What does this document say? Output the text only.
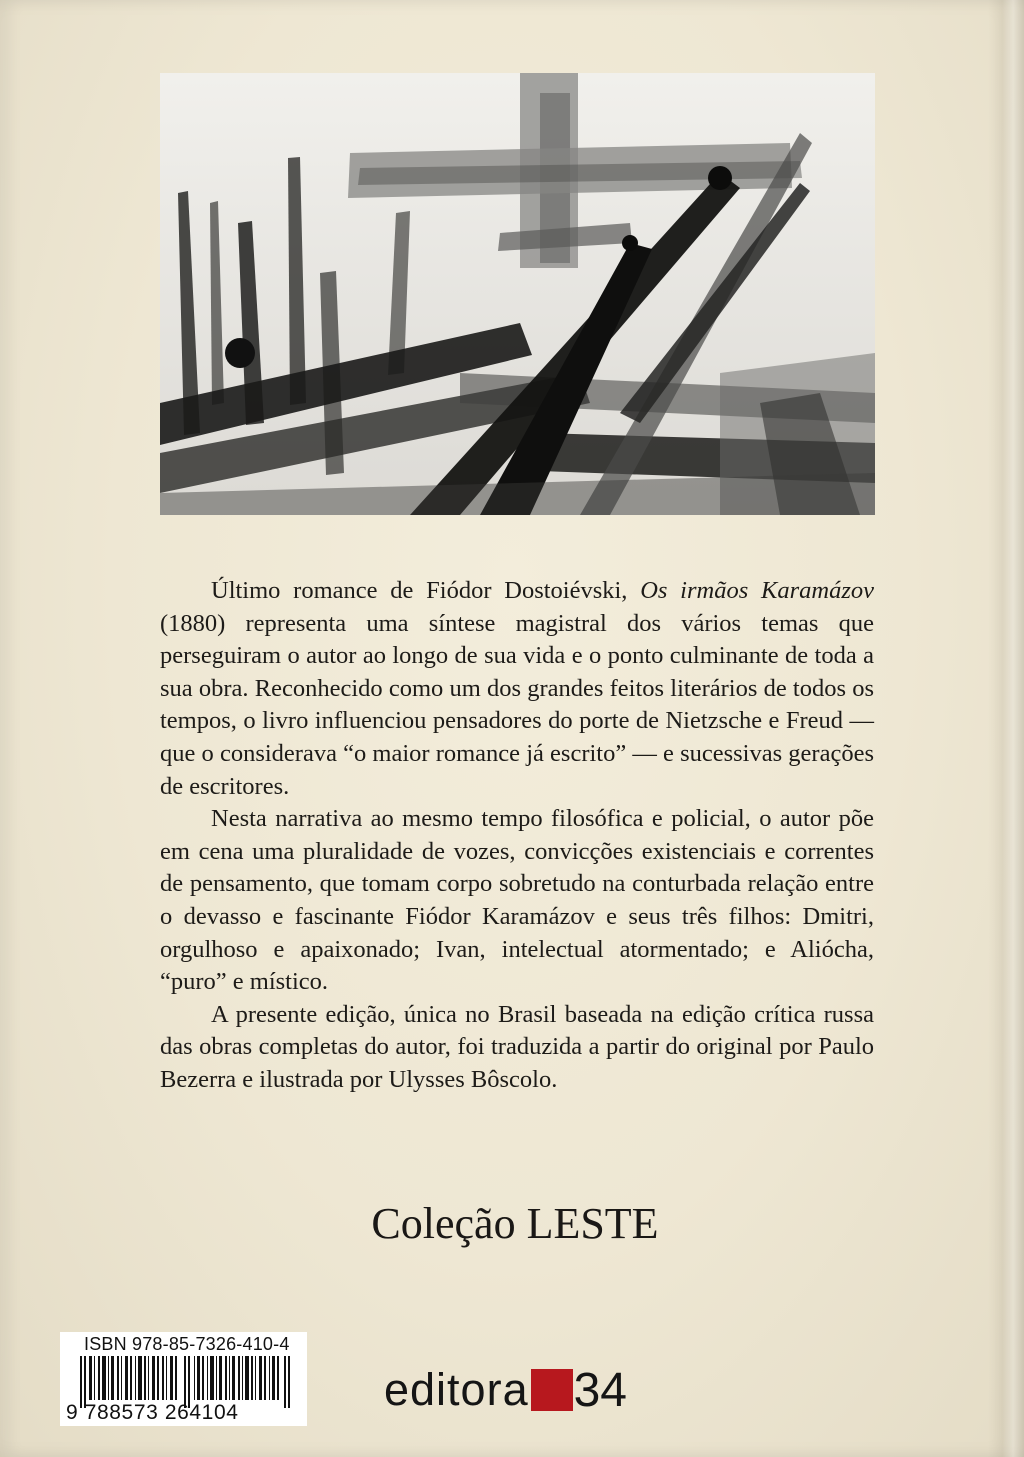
Último romance de Fiódor Dostoiévski, Os irmãos Karamázov (1880) representa uma síntese magistral dos vários temas que perseguiram o autor ao longo de sua vida e o ponto culminante de toda a sua obra. Reconhecido como um dos grandes feitos literários de todos os tempos, o livro influenciou pensadores do porte de Nietzsche e Freud — que o considerava “o maior romance já escrito” — e sucessivas gerações de escritores.

Nesta narrativa ao mesmo tempo filosófica e policial, o autor põe em cena uma pluralidade de vozes, convicções existenciais e correntes de pensamento, que tomam corpo sobretudo na conturbada relação entre o devasso e fascinante Fiódor Karamázov e seus três filhos: Dmitri, orgulhoso e apaixonado; Ivan, intelectual atormentado; e Aliócha, “puro” e místico.

A presente edição, única no Brasil baseada na edição crítica russa das obras completas do autor, foi traduzida a partir do original por Paulo Bezerra e ilustrada por Ulysses Bôscolo.

Coleção LESTE
ISBN 978-85-7326-410-4
9 788573 264104	editora 34
